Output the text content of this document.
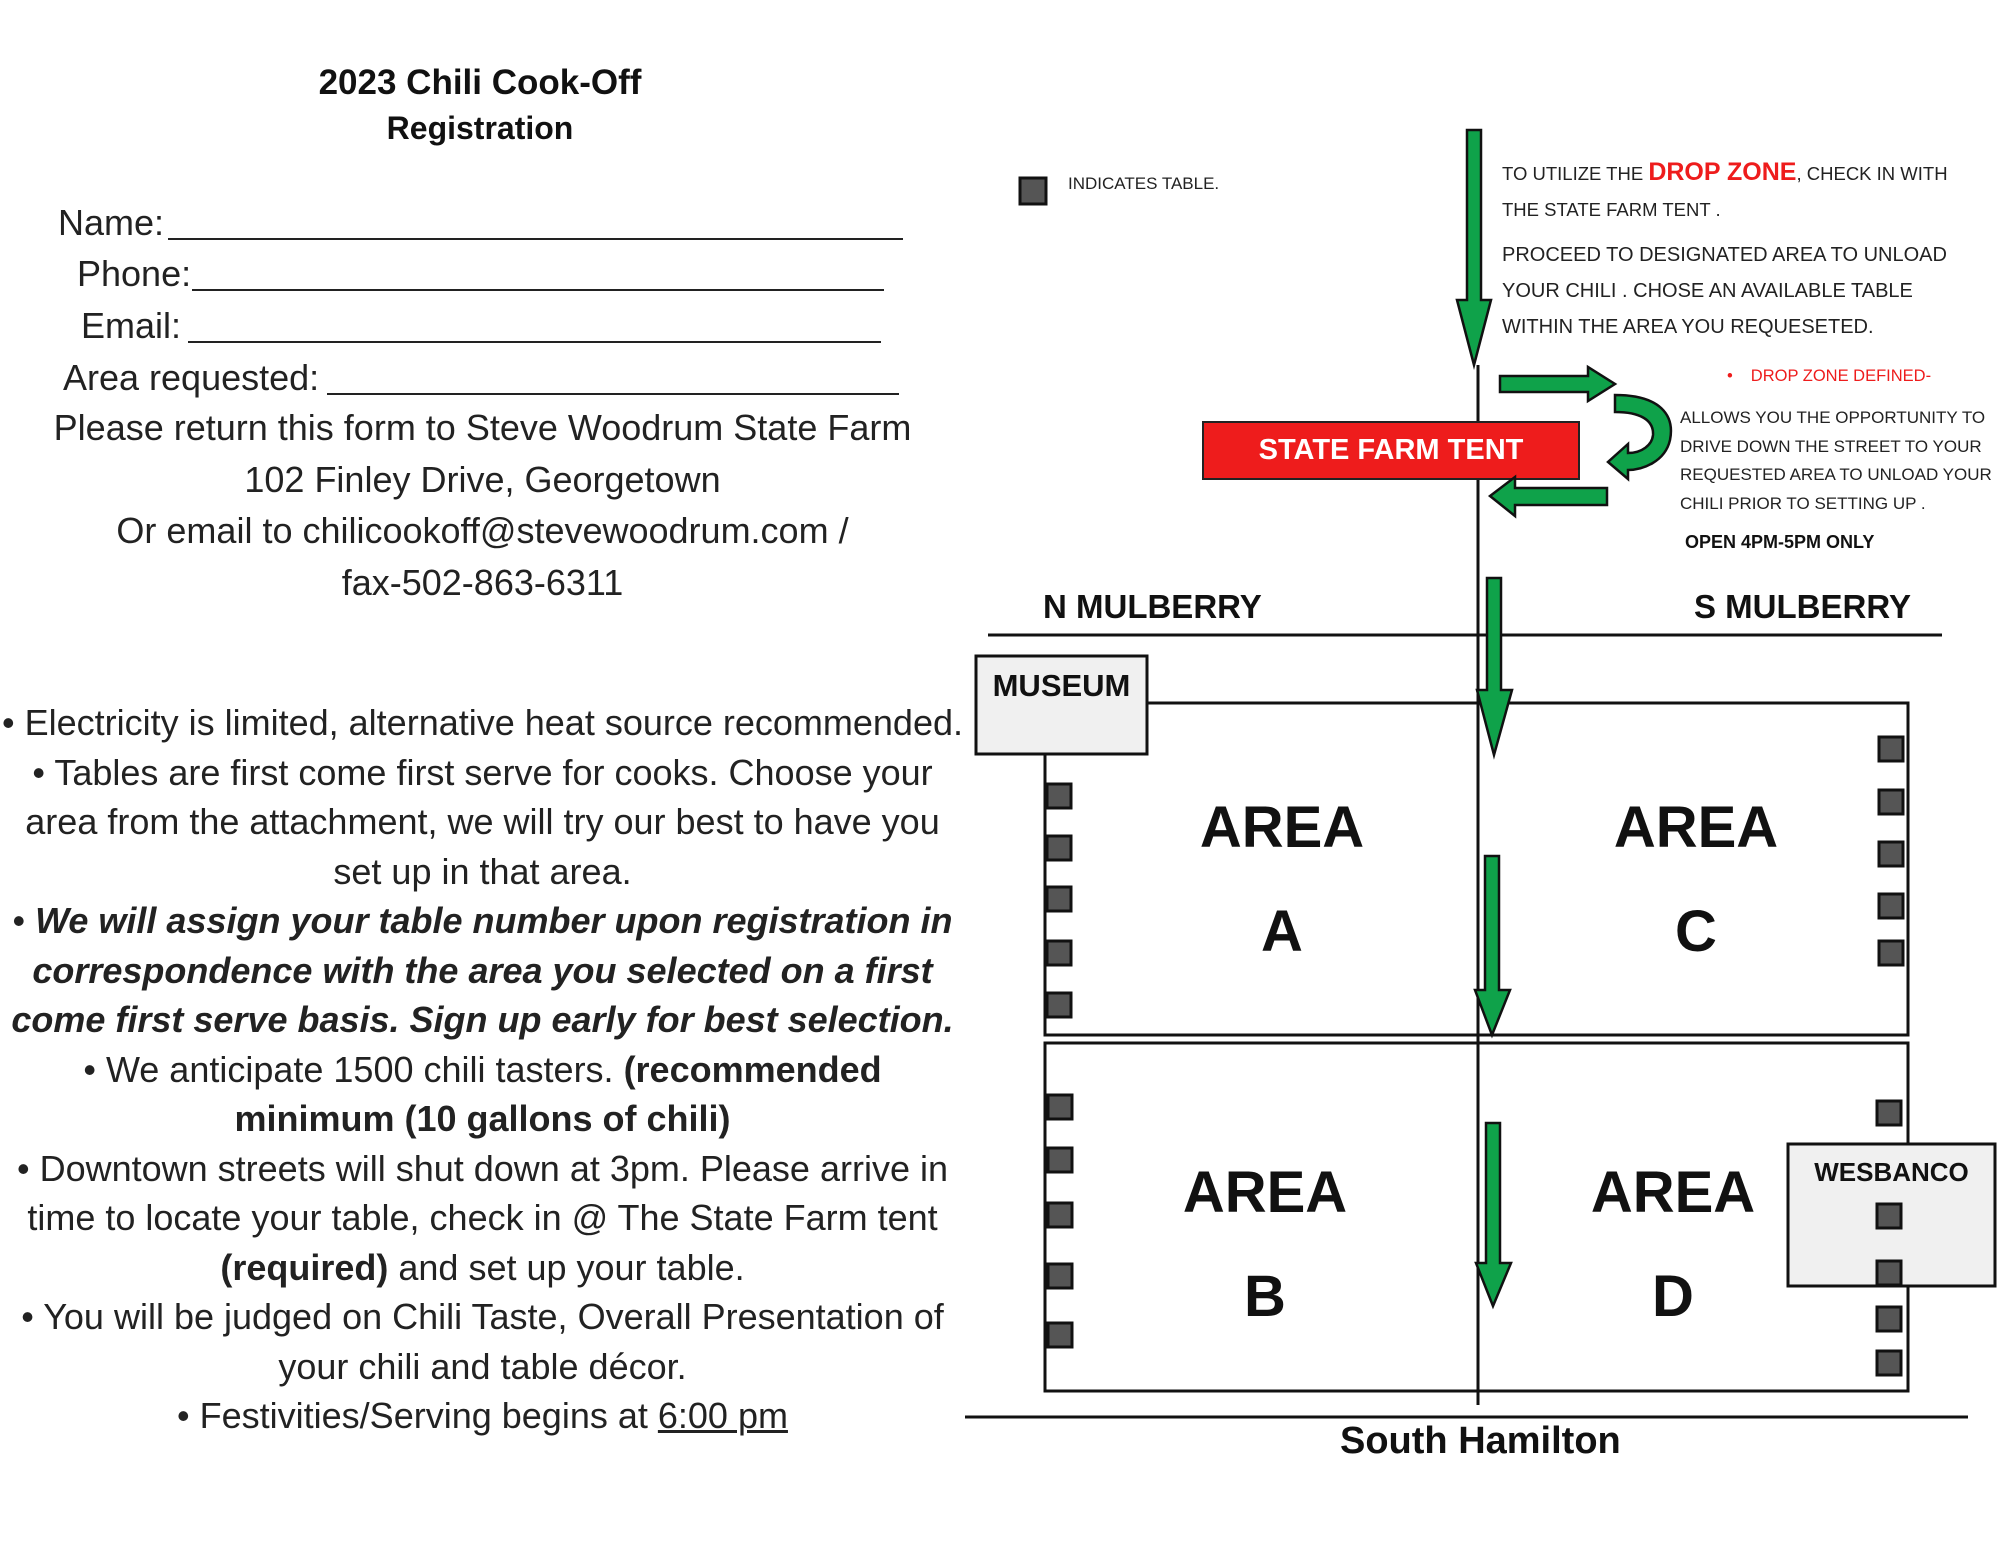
2023 Chili Cook-Off
Registration
Name:
Phone:
Email:
Area requested:
Please return this form to Steve Woodrum State Farm
102 Finley Drive, Georgetown
Or email to chilicookoff@stevewoodrum.com /
fax-502-863-6311
• Electricity is limited, alternative heat source recommended.
• Tables are first come first serve for cooks. Choose your
area from the attachment, we will try our best to have you
set up in that area.
• We will assign your table number upon registration in
correspondence with the area you selected on a first
come first serve basis. Sign up early for best selection.
• We anticipate 1500 chili tasters. (recommended
minimum (10 gallons of chili)
• Downtown streets will shut down at 3pm. Please arrive in
time to locate your table, check in @ The State Farm tent
(required) and set up your table.
• You will be judged on Chili Taste, Overall Presentation of
your chili and table décor.
• Festivities/Serving begins at 6:00 pm
INDICATES TABLE.	TO UTILIZE THE DROP ZONE, CHECK IN WITH
THE STATE FARM TENT .
PROCEED TO DESIGNATED AREA TO UNLOAD
YOUR CHILI . CHOSE AN AVAILABLE TABLE
WITHIN THE AREA YOU REQUESETED.
• DROP ZONE DEFINED-
ALLOWS YOU THE OPPORTUNITY TO
DRIVE DOWN THE STREET TO YOUR
REQUESTED AREA TO UNLOAD YOUR
CHILI PRIOR TO SETTING UP .
OPEN 4PM-5PM ONLY
STATE FARM TENT
N MULBERRY	S MULBERRY
MUSEUM
WESBANCO
AREA
A
AREA
C
AREA
B
AREA
D
South Hamilton
